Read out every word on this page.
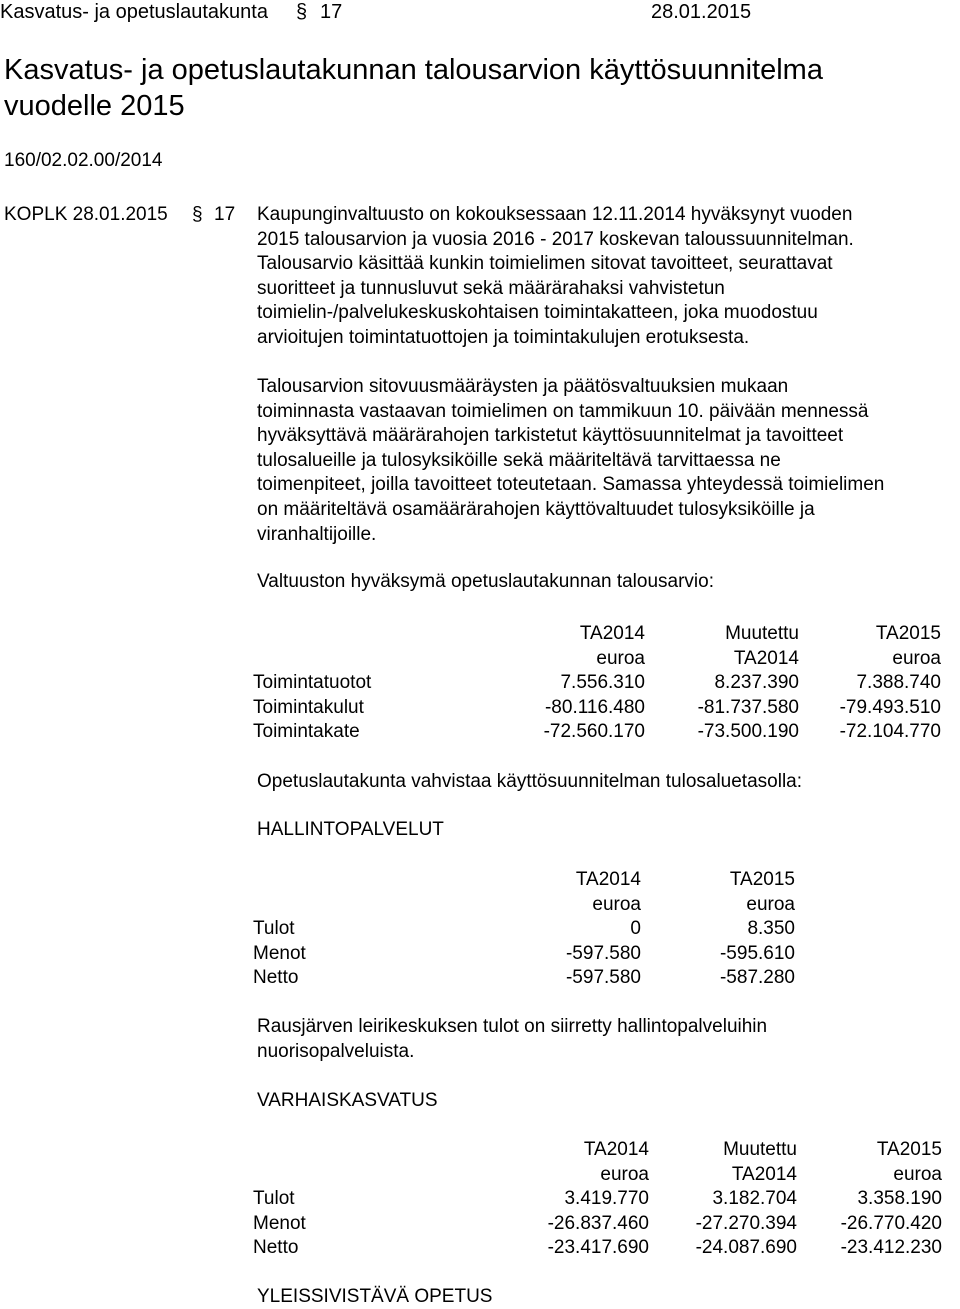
Kasvatus- ja opetuslautakunta § 17	28.01.2015
Kasvatus- ja opetuslautakunnan talousarvion käyttösuunnitelma
vuodelle 2015
160/02.02.00/2014
KOPLK 28.01.2015 § 17 Kaupunginvaltuusto on kokouksessaan 12.11.2014 hyväksynyt vuoden
2015 talousarvion ja vuosia 2016 - 2017 koskevan taloussuunnitelman.
Talousarvio käsittää kunkin toimielimen sitovat tavoitteet, seurattavat
suoritteet ja tunnusluvut sekä määrärahaksi vahvistetun
toimielin-/palvelukeskuskohtaisen toimintakatteen, joka muodostuu
arvioitujen toimintatuottojen ja toimintakulujen erotuksesta.
Talousarvion sitovuusmääräysten ja päätösvaltuuksien mukaan
toiminnasta vastaavan toimielimen on tammikuun 10. päivään mennessä
hyväksyttävä määrärahojen tarkistetut käyttösuunnitelmat ja tavoitteet
tulosalueille ja tulosyksiköille sekä määriteltävä tarvittaessa ne
toimenpiteet, joilla tavoitteet toteutetaan. Samassa yhteydessä toimielimen
on määriteltävä osamäärärahojen käyttövaltuudet tulosyksiköille ja
viranhaltijoille.
Valtuuston hyväksymä opetuslautakunnan talousarvio:
	TA2014	Muutettu	TA2015
	euroa	TA2014	euroa
Toimintatuotot	7.556.310	8.237.390	7.388.740
Toimintakulut	-80.116.480	-81.737.580	-79.493.510
Toimintakate	-72.560.170	-73.500.190	-72.104.770
Opetuslautakunta vahvistaa käyttösuunnitelman tulosaluetasolla:
HALLINTOPALVELUT
	TA2014	TA2015
	euroa	euroa
Tulot	0	8.350
Menot	-597.580	-595.610
Netto	-597.580	-587.280
Rausjärven leirikeskuksen tulot on siirretty hallintopalveluihin
nuorisopalveluista.
VARHAISKASVATUS
	TA2014	Muutettu	TA2015
	euroa	TA2014	euroa
Tulot	3.419.770	3.182.704	3.358.190
Menot	-26.837.460	-27.270.394	-26.770.420
Netto	-23.417.690	-24.087.690	-23.412.230
YLEISSIVISTÄVÄ OPETUS
